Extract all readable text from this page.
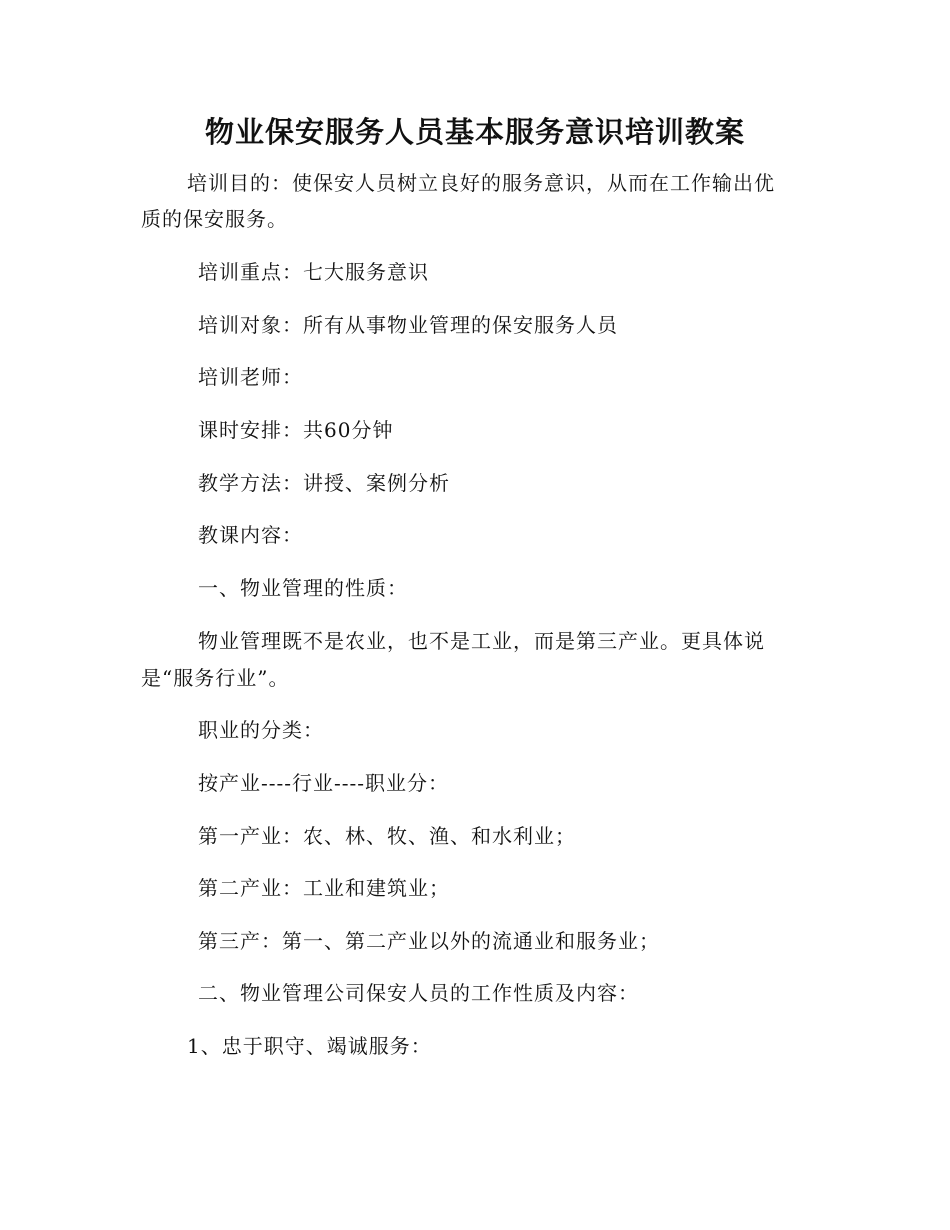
物业保安服务人员基本服务意识培训教案
培训目的：使保安人员树立良好的服务意识，从而在工作输出优
质的保安服务。
培训重点：七大服务意识
培训对象：所有从事物业管理的保安服务人员
培训老师：
课时安排：共60分钟
教学方法：讲授、案例分析
教课内容：
一、物业管理的性质：
物业管理既不是农业，也不是工业，而是第三产业。更具体说
是“服务行业”。
职业的分类：
按产业----行业----职业分：
第一产业：农、林、牧、渔、和水利业；
第二产业：工业和建筑业；
第三产：第一、第二产业以外的流通业和服务业；
二、物业管理公司保安人员的工作性质及内容：
1、忠于职守、竭诚服务：
